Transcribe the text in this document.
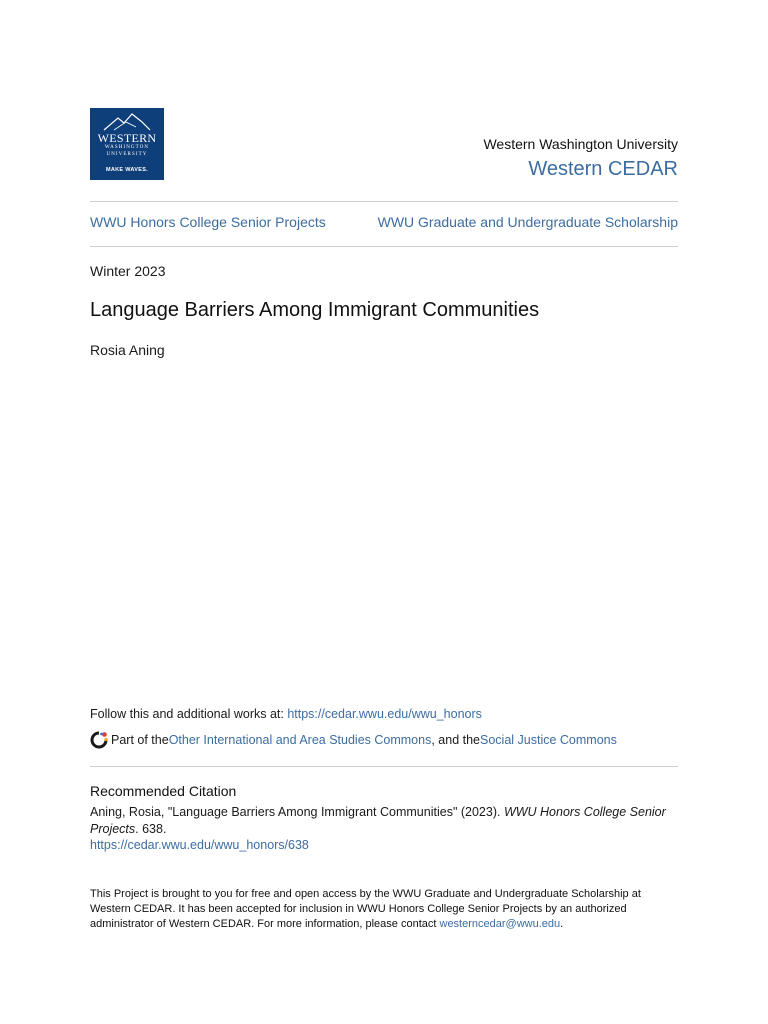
WESTERN
WASHINGTON
UNIVERSITY
MAKE WAVES.
Western Washington University
Western CEDAR
WWU Honors College Senior Projects	WWU Graduate and Undergraduate Scholarship
Winter 2023
Language Barriers Among Immigrant Communities
Rosia Aning
Follow this and additional works at: https://cedar.wwu.edu/wwu_honors
Part of the Other International and Area Studies Commons , and the Social Justice Commons
Recommended Citation
Aning, Rosia, "Language Barriers Among Immigrant Communities" (2023). WWU Honors College Senior Projects. 638.
https://cedar.wwu.edu/wwu_honors/638
This Project is brought to you for free and open access by the WWU Graduate and Undergraduate Scholarship at Western CEDAR. It has been accepted for inclusion in WWU Honors College Senior Projects by an authorized administrator of Western CEDAR. For more information, please contact westerncedar@wwu.edu.
